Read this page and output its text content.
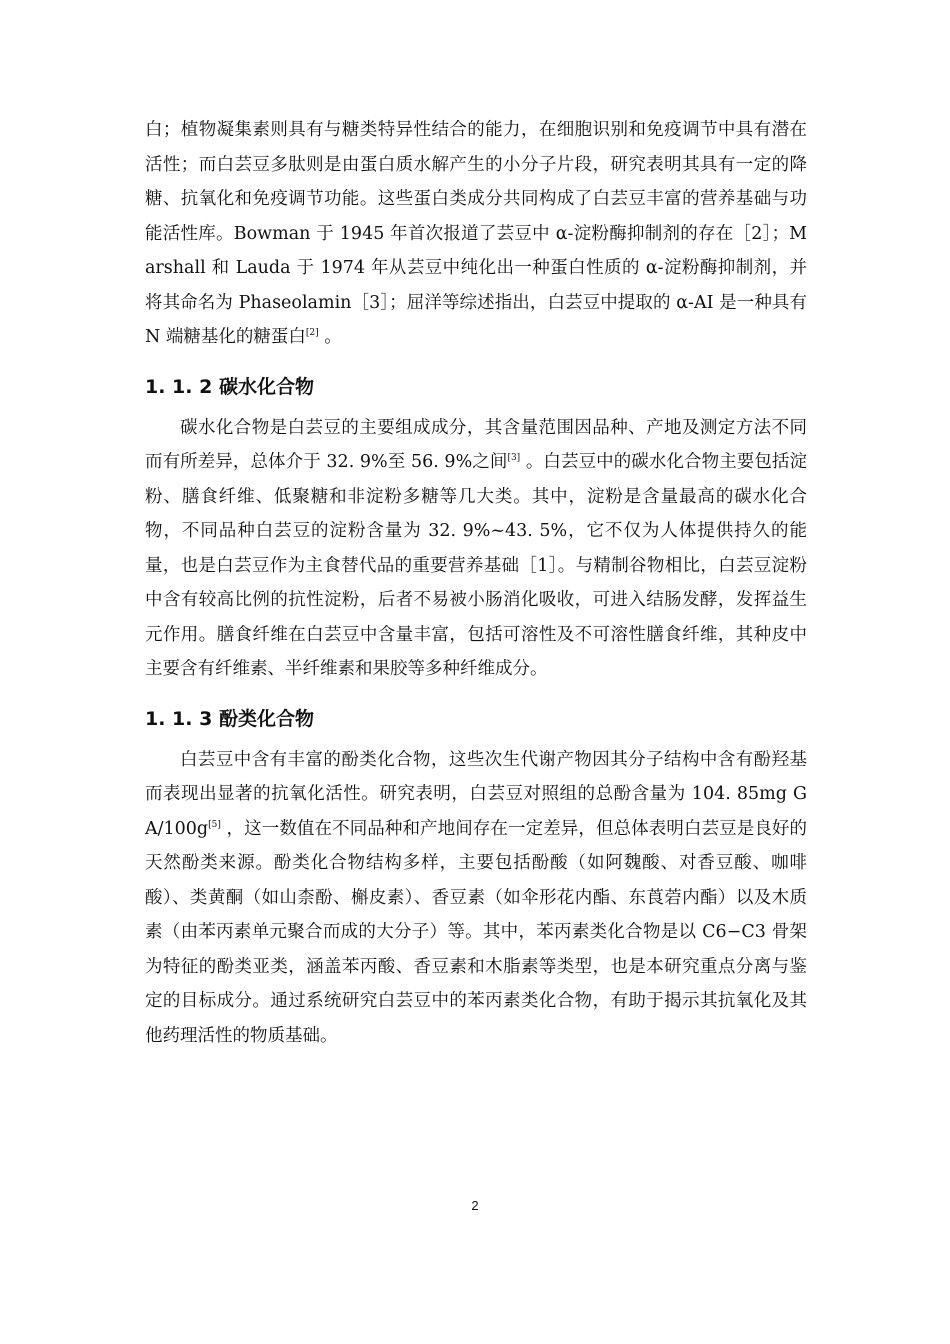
白；植物凝集素则具有与糖类特异性结合的能力，在细胞识别和免疫调节中具有潜在活性；而白芸豆多肽则是由蛋白质水解产生的小分子片段，研究表明其具有一定的降糖、抗氧化和免疫调节功能。这些蛋白类成分共同构成了白芸豆丰富的营养基础与功能活性库。Bowman 于 1945 年首次报道了芸豆中 α-淀粉酶抑制剂的存在［2］；Marshall 和 Lauda 于 1974 年从芸豆中纯化出一种蛋白性质的 α-淀粉酶抑制剂，并将其命名为 Phaseolamin［3］；屈洋等综述指出，白芸豆中提取的 α-AI 是一种具有 N 端糖基化的糖蛋白[2] 。

1. 1. 2 碳水化合物

碳水化合物是白芸豆的主要组成成分，其含量范围因品种、产地及测定方法不同而有所差异，总体介于 32. 9%至 56. 9%之间[3] 。白芸豆中的碳水化合物主要包括淀粉、膳食纤维、低聚糖和非淀粉多糖等几大类。其中，淀粉是含量最高的碳水化合物，不同品种白芸豆的淀粉含量为 32. 9%~43. 5%，它不仅为人体提供持久的能量，也是白芸豆作为主食替代品的重要营养基础［1］。与精制谷物相比，白芸豆淀粉中含有较高比例的抗性淀粉，后者不易被小肠消化吸收，可进入结肠发酵，发挥益生元作用。膳食纤维在白芸豆中含量丰富，包括可溶性及不可溶性膳食纤维，其种皮中主要含有纤维素、半纤维素和果胶等多种纤维成分。

1. 1. 3 酚类化合物

白芸豆中含有丰富的酚类化合物，这些次生代谢产物因其分子结构中含有酚羟基而表现出显著的抗氧化活性。研究表明，白芸豆对照组的总酚含量为 104. 85mg GA/100g[5] ，这一数值在不同品种和产地间存在一定差异，但总体表明白芸豆是良好的天然酚类来源。酚类化合物结构多样，主要包括酚酸（如阿魏酸、对香豆酸、咖啡酸）、类黄酮（如山柰酚、槲皮素）、香豆素（如伞形花内酯、东莨菪内酯）以及木质素（由苯丙素单元聚合而成的大分子）等。其中，苯丙素类化合物是以 C6−C3 骨架为特征的酚类亚类，涵盖苯丙酸、香豆素和木脂素等类型，也是本研究重点分离与鉴定的目标成分。通过系统研究白芸豆中的苯丙素类化合物，有助于揭示其抗氧化及其他药理活性的物质基础。

2
